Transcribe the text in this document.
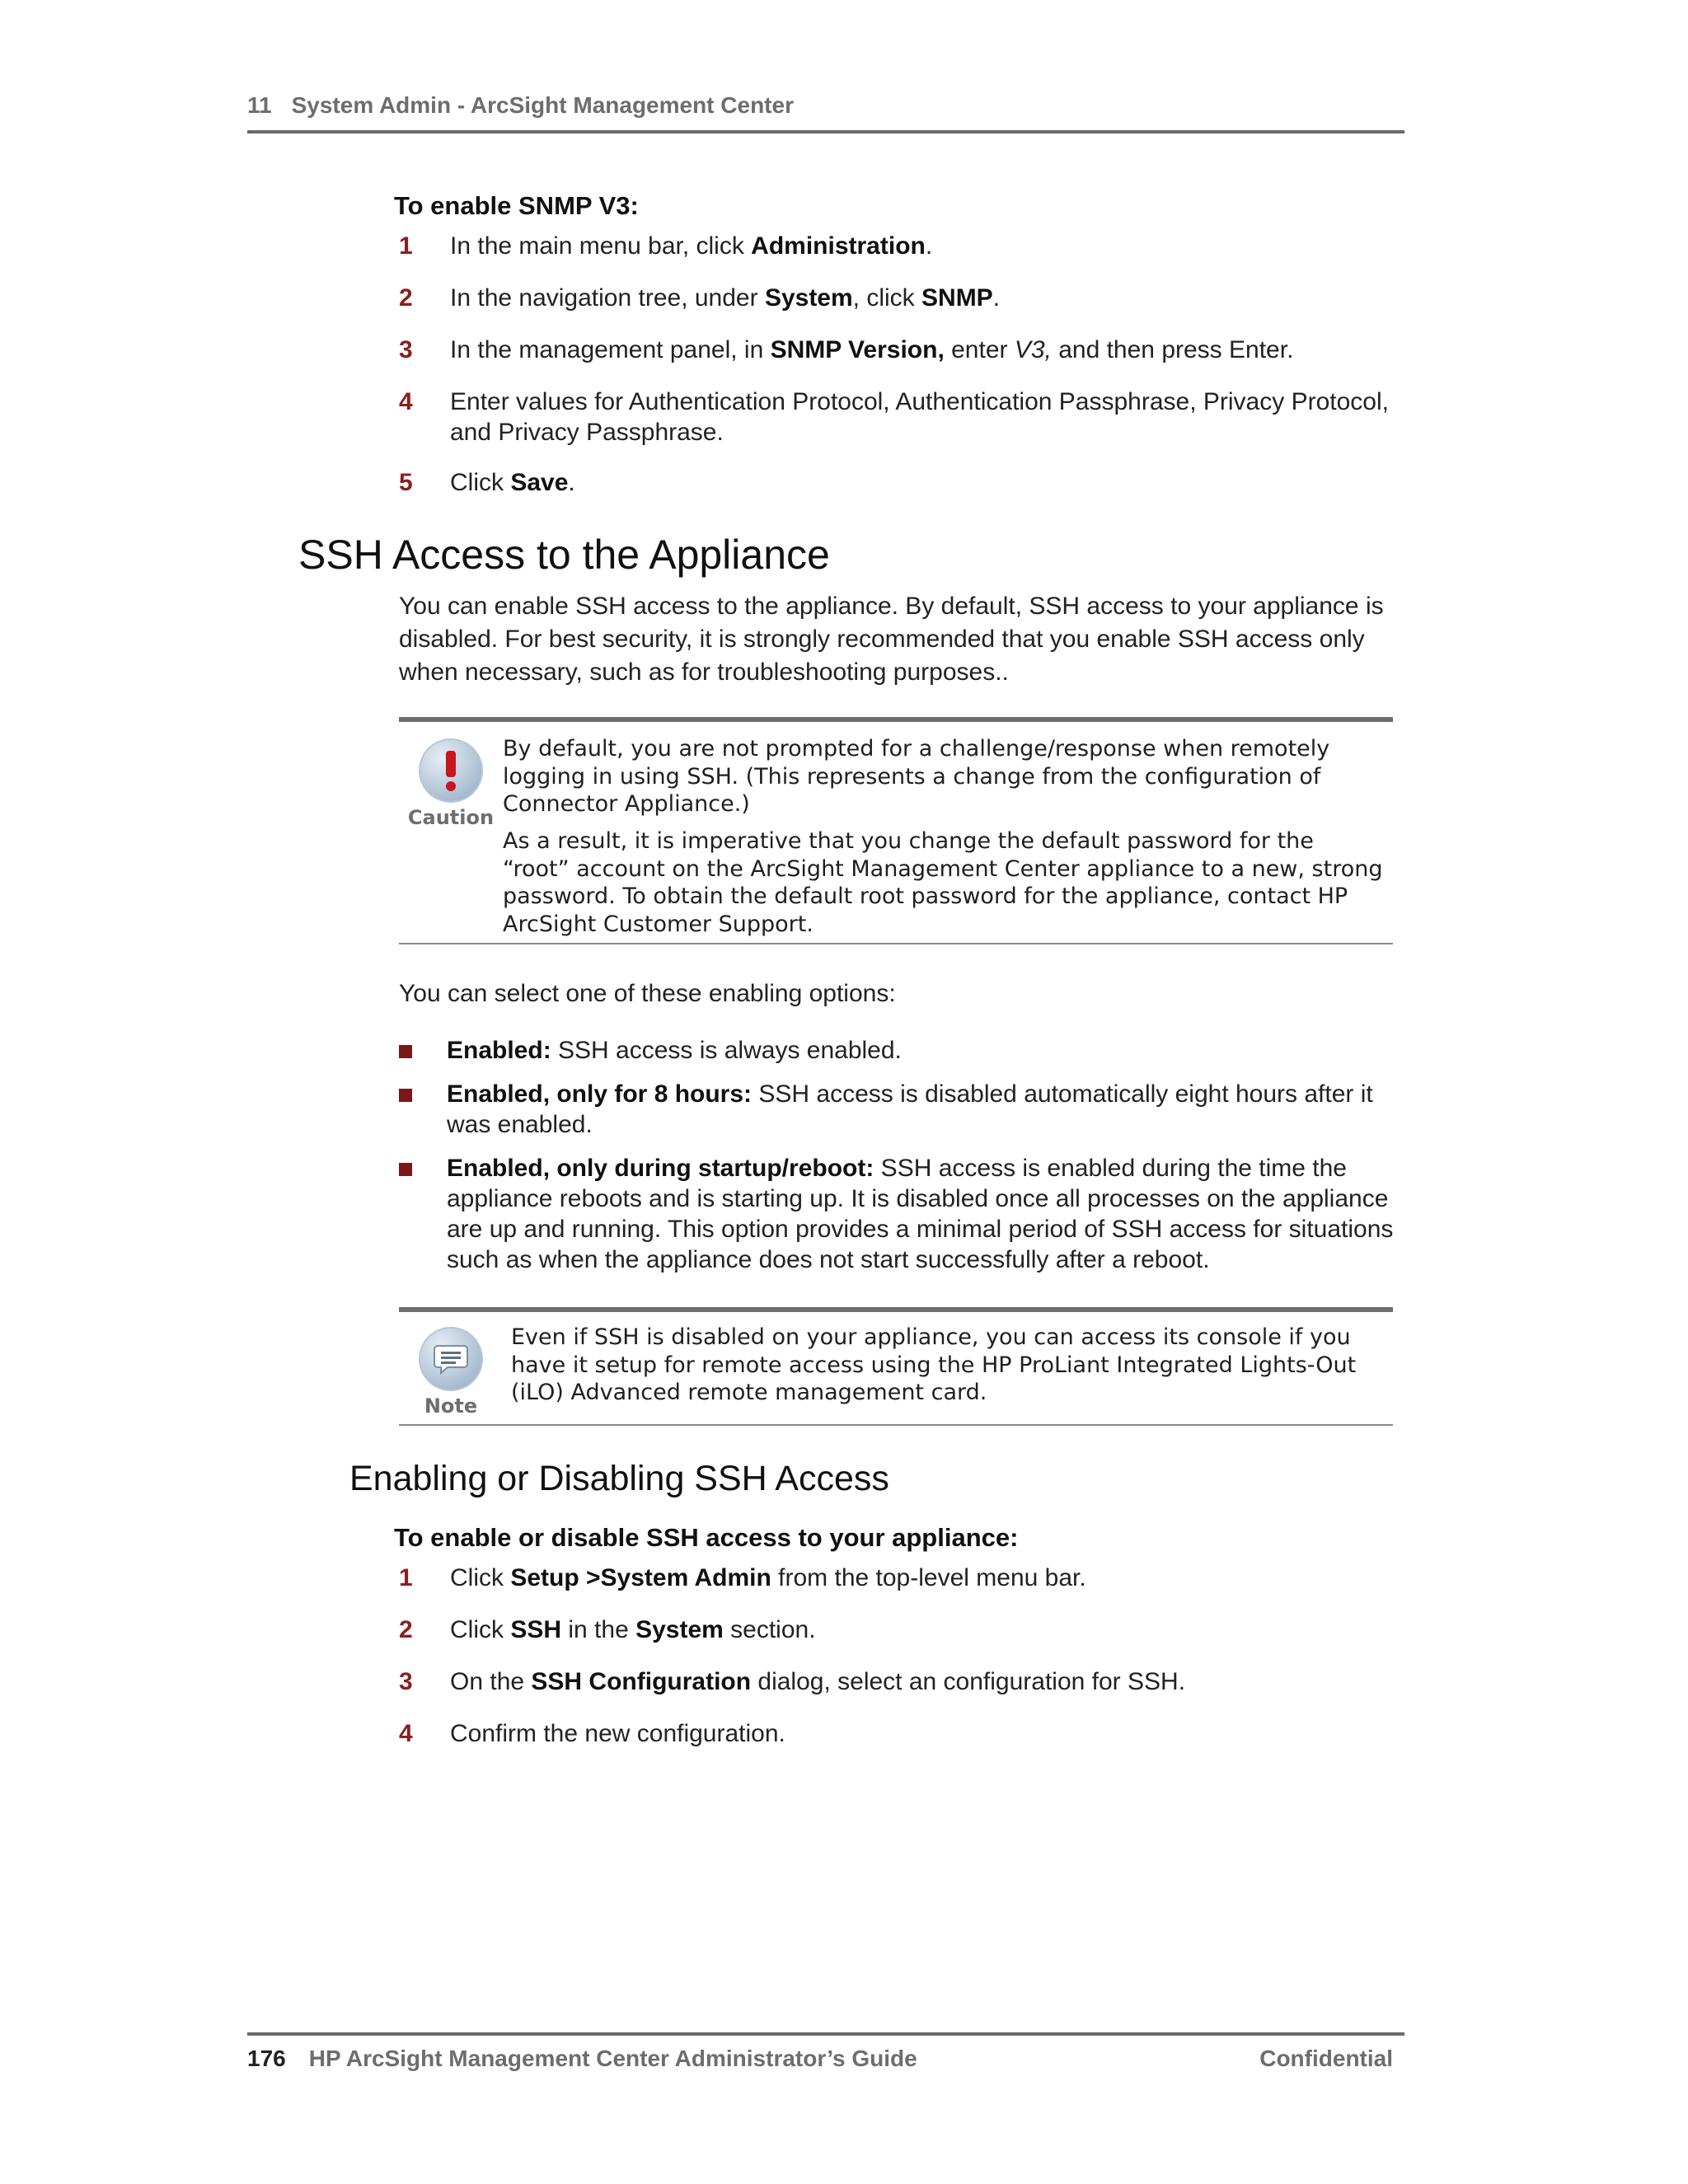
11 System Admin - ArcSight Management Center
To enable SNMP V3:
1 In the main menu bar, click Administration.
2 In the navigation tree, under System, click SNMP.
3 In the management panel, in SNMP Version, enter V3, and then press Enter.
4 Enter values for Authentication Protocol, Authentication Passphrase, Privacy Protocol, and Privacy Passphrase.
5 Click Save.
SSH Access to the Appliance
You can enable SSH access to the appliance. By default, SSH access to your appliance is disabled. For best security, it is strongly recommended that you enable SSH access only when necessary, such as for troubleshooting purposes..
Caution
By default, you are not prompted for a challenge/response when remotely logging in using SSH. (This represents a change from the configuration of Connector Appliance.)
As a result, it is imperative that you change the default password for the “root” account on the ArcSight Management Center appliance to a new, strong password. To obtain the default root password for the appliance, contact HP ArcSight Customer Support.
You can select one of these enabling options:
Enabled: SSH access is always enabled.
Enabled, only for 8 hours: SSH access is disabled automatically eight hours after it was enabled.
Enabled, only during startup/reboot: SSH access is enabled during the time the appliance reboots and is starting up. It is disabled once all processes on the appliance are up and running. This option provides a minimal period of SSH access for situations such as when the appliance does not start successfully after a reboot.
Note
Even if SSH is disabled on your appliance, you can access its console if you have it setup for remote access using the HP ProLiant Integrated Lights-Out (iLO) Advanced remote management card.
Enabling or Disabling SSH Access
To enable or disable SSH access to your appliance:
1 Click Setup >System Admin from the top-level menu bar.
2 Click SSH in the System section.
3 On the SSH Configuration dialog, select an configuration for SSH.
4 Confirm the new configuration.
176 HP ArcSight Management Center Administrator’s Guide	Confidential
